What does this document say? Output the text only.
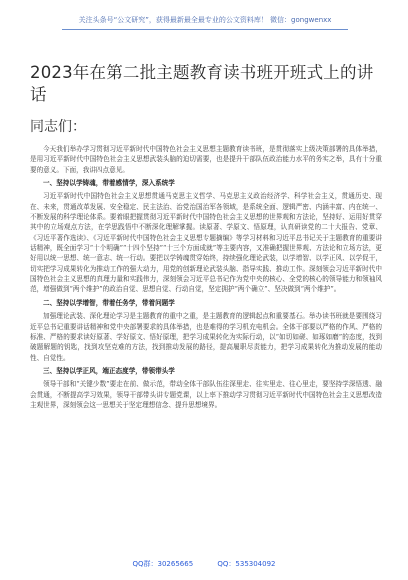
关注头条号“公文研究”，获得最新最全最专业的公文资料库！ 微信：gongwenxx
2023年在第二批主题教育读书班开班式上的讲话
同志们：

今天我们举办学习贯彻习近平新时代中国特色社会主义思想主题教育读书班，是贯彻落实上级决策部署的具体举措，是用习近平新时代中国特色社会主义思想武装头脑的迫切需要，也是提升干部队伍政治能力水平的务实之举，具有十分重要的意义。下面，我讲四点意见。

一、坚持以学铸魂，带着感情学，深入系统学

习近平新时代中国特色社会主义思想贯通马克思主义哲学、马克思主义政治经济学、科学社会主义，贯通历史、现在、未来，贯通改革发展、安全稳定、民主法治、治党治国治军各领域，是系统全面、逻辑严密、内涵丰富、内在统一、不断发展的科学理论体系。要着眼把握贯彻习近平新时代中国特色社会主义思想的世界观和方法论，坚持好、运用好贯穿其中的立场观点方法，在学思践悟中不断深化理解掌握。读原著、学原文、悟原理，认真研读党的二十大报告、党章、《习近平著作选读》、《习近平新时代中国特色社会主义思想专题摘编》等学习材料和习近平总书记关于主题教育的重要讲话精神，既全面学习“十个明确”“十四个坚持”“十三个方面成就”等主要内容，又准确把握世界观、方法论和立场方法，更好用以统一思想、统一意志、统一行动。要把以学铸魂贯穿始终，持续强化理论武装，以学增智、以学正风、以学促干，切实把学习成果转化为推动工作的强大动力，用党的创新理论武装头脑、指导实践、推动工作。深刻领会习近平新时代中国特色社会主义思想的真理力量和实践伟力，深刻领会习近平总书记作为党中央的核心、全党的核心的领导能力和领袖风范，增强做到“两个维护”的政治自觉、思想自觉、行动自觉，坚定拥护“两个确立”、坚决做到“两个维护”。

二、坚持以学增智，带着任务学，带着问题学

加强理论武装、深化理论学习是主题教育的重中之重，是主题教育的逻辑起点和重要基石。举办读书班就是要围绕习近平总书记重要讲话精神和党中央部署要求的具体举措，也是难得的学习机充电机会。全体干部要以严格的作风、严格的标准、严格的要求读好原著、学好原文、悟好原理，把学习成果转化为实际行动，以“如切如磋、如琢如磨”的态度，找到破题解题的钥匙，找到攻坚克难的方法，找到推动发展的路径，提高履职尽责能力，把学习成果转化为推动发展的能动性、自觉性。

三、坚持以学正风，端正态度学，带领带头学

领导干部和“关键少数”要走在前、做示范，带动全体干部队伍往深里走、往实里走、往心里走，要坚持学深悟透、融会贯通，不断提高学习效果，领导干部带头讲专题党课，以上率下推动学习贯彻习近平新时代中国特色社会主义思想改造主观世界，深刻领会这一思想关于坚定理想信念、提升思想境界。

QQ群：30265665	QQ：535304092
